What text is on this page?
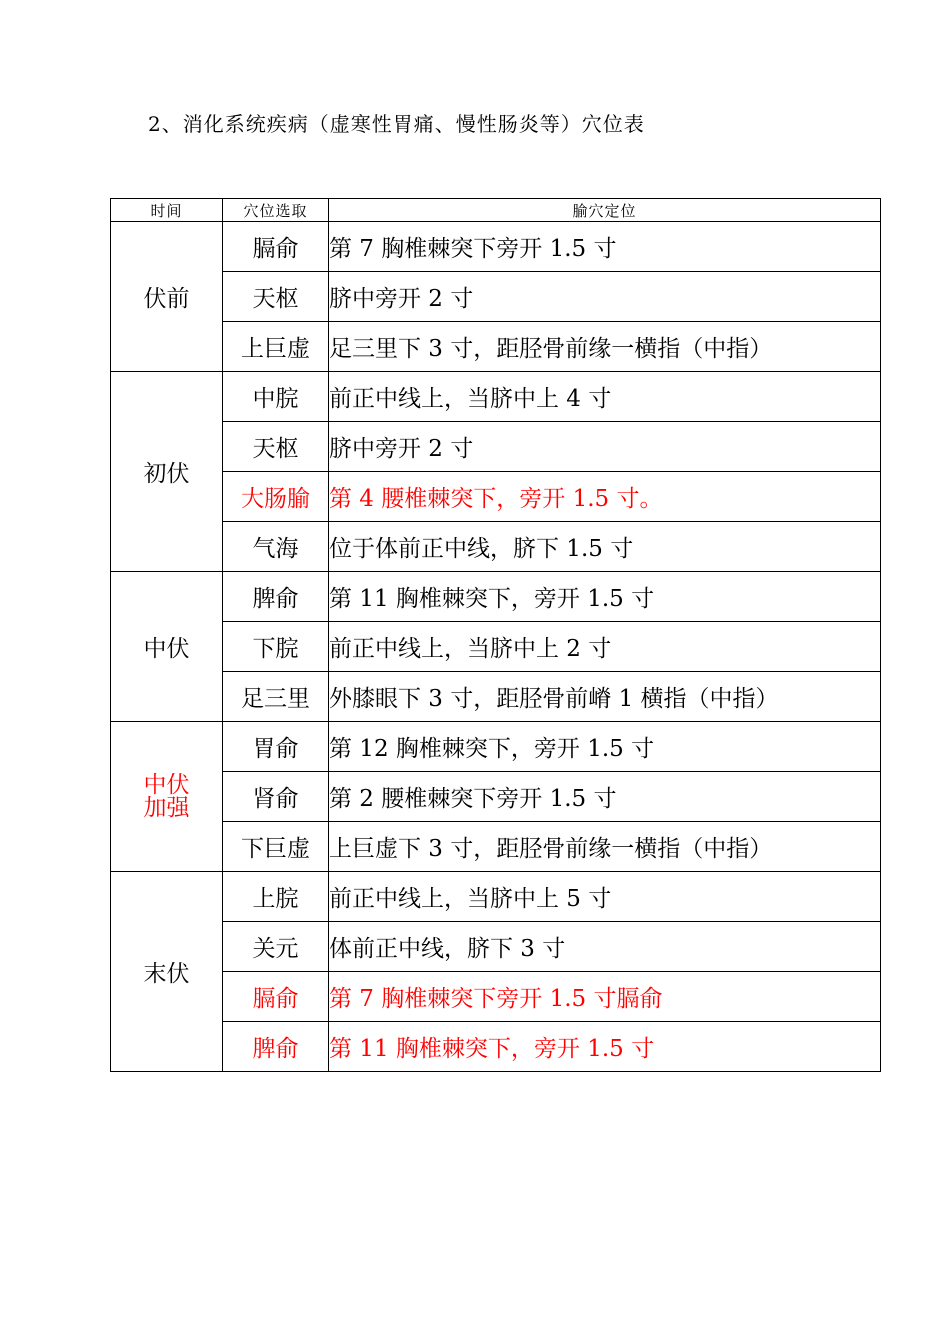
2、消化系统疾病（虚寒性胃痛、慢性肠炎等）穴位表
时间	穴位选取	腧穴定位
伏前	膈俞	第 7 胸椎棘突下旁开 1.5 寸
	天枢	脐中旁开 2 寸
	上巨虚	足三里下 3 寸，距胫骨前缘一横指（中指）
初伏	中脘	前正中线上，当脐中上 4 寸
	天枢	脐中旁开 2 寸
	大肠腧	第 4 腰椎棘突下，旁开 1.5 寸。
	气海	位于体前正中线，脐下 1.5 寸
中伏	脾俞	第 11 胸椎棘突下，旁开 1.5 寸
	下脘	前正中线上，当脐中上 2 寸
	足三里	外膝眼下 3 寸，距胫骨前嵴 1 横指（中指）

中伏
加强	胃俞	第 12 胸椎棘突下，旁开 1.5 寸
	肾俞	第 2 腰椎棘突下旁开 1.5 寸
	下巨虚	上巨虚下 3 寸，距胫骨前缘一横指（中指）
末伏	上脘	前正中线上，当脐中上 5 寸
	关元	体前正中线，脐下 3 寸
	膈俞	第 7 胸椎棘突下旁开 1.5 寸膈俞
	脾俞	第 11 胸椎棘突下，旁开 1.5 寸
